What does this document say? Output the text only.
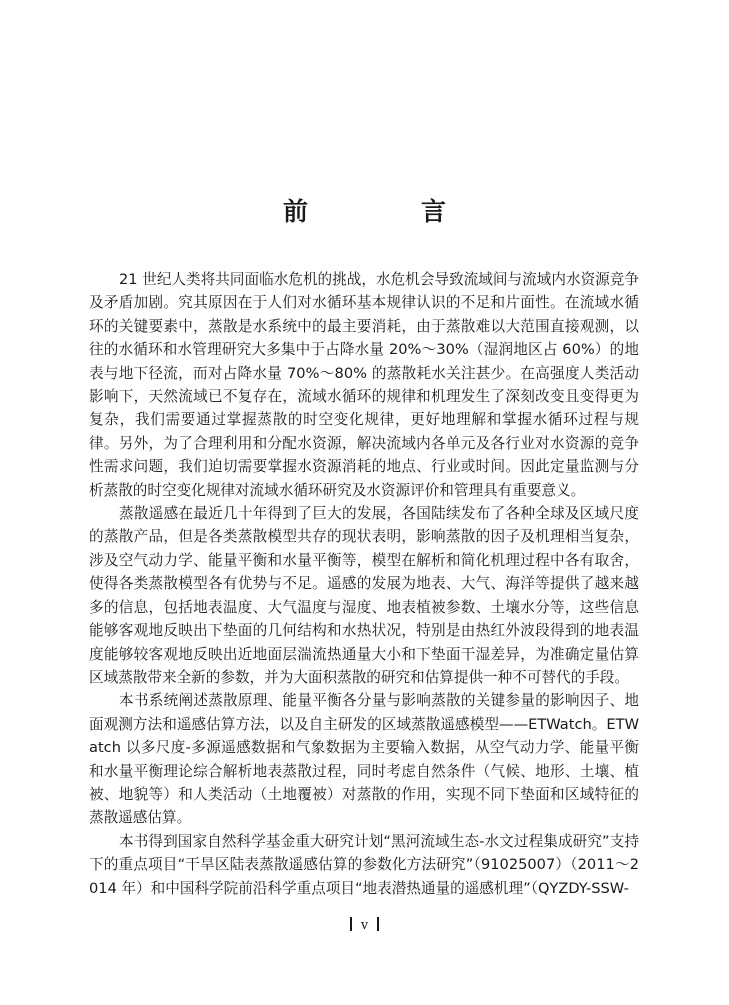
前　言

21 世纪人类将共同面临水危机的挑战，水危机会导致流域间与流域内水资源竞争及矛盾加剧。究其原因在于人们对水循环基本规律认识的不足和片面性。在流域水循环的关键要素中，蒸散是水系统中的最主要消耗，由于蒸散难以大范围直接观测，以往的水循环和水管理研究大多集中于占降水量 20%～30%（湿润地区占 60%）的地表与地下径流，而对占降水量 70%～80% 的蒸散耗水关注甚少。在高强度人类活动影响下，天然流域已不复存在，流域水循环的规律和机理发生了深刻改变且变得更为复杂，我们需要通过掌握蒸散的时空变化规律，更好地理解和掌握水循环过程与规律。另外，为了合理利用和分配水资源，解决流域内各单元及各行业对水资源的竞争性需求问题，我们迫切需要掌握水资源消耗的地点、行业或时间。因此定量监测与分析蒸散的时空变化规律对流域水循环研究及水资源评价和管理具有重要意义。

蒸散遥感在最近几十年得到了巨大的发展，各国陆续发布了各种全球及区域尺度的蒸散产品，但是各类蒸散模型共存的现状表明，影响蒸散的因子及机理相当复杂，涉及空气动力学、能量平衡和水量平衡等，模型在解析和简化机理过程中各有取舍，使得各类蒸散模型各有优势与不足。遥感的发展为地表、大气、海洋等提供了越来越多的信息，包括地表温度、大气温度与湿度、地表植被参数、土壤水分等，这些信息能够客观地反映出下垫面的几何结构和水热状况，特别是由热红外波段得到的地表温度能够较客观地反映出近地面层湍流热通量大小和下垫面干湿差异，为准确定量估算区域蒸散带来全新的参数，并为大面积蒸散的研究和估算提供一种不可替代的手段。

本书系统阐述蒸散原理、能量平衡各分量与影响蒸散的关键参量的影响因子、地面观测方法和遥感估算方法，以及自主研发的区域蒸散遥感模型——ETWatch。ETWatch 以多尺度-多源遥感数据和气象数据为主要输入数据，从空气动力学、能量平衡和水量平衡理论综合解析地表蒸散过程，同时考虑自然条件（气候、地形、土壤、植被、地貌等）和人类活动（土地覆被）对蒸散的作用，实现不同下垫面和区域特征的蒸散遥感估算。

本书得到国家自然科学基金重大研究计划“黑河流域生态-水文过程集成研究”支持下的重点项目“干旱区陆表蒸散遥感估算的参数化方法研究”（91025007）（2011～2014 年）和中国科学院前沿科学重点项目“地表潜热通量的遥感机理”（QYZDY-SSW-

v
